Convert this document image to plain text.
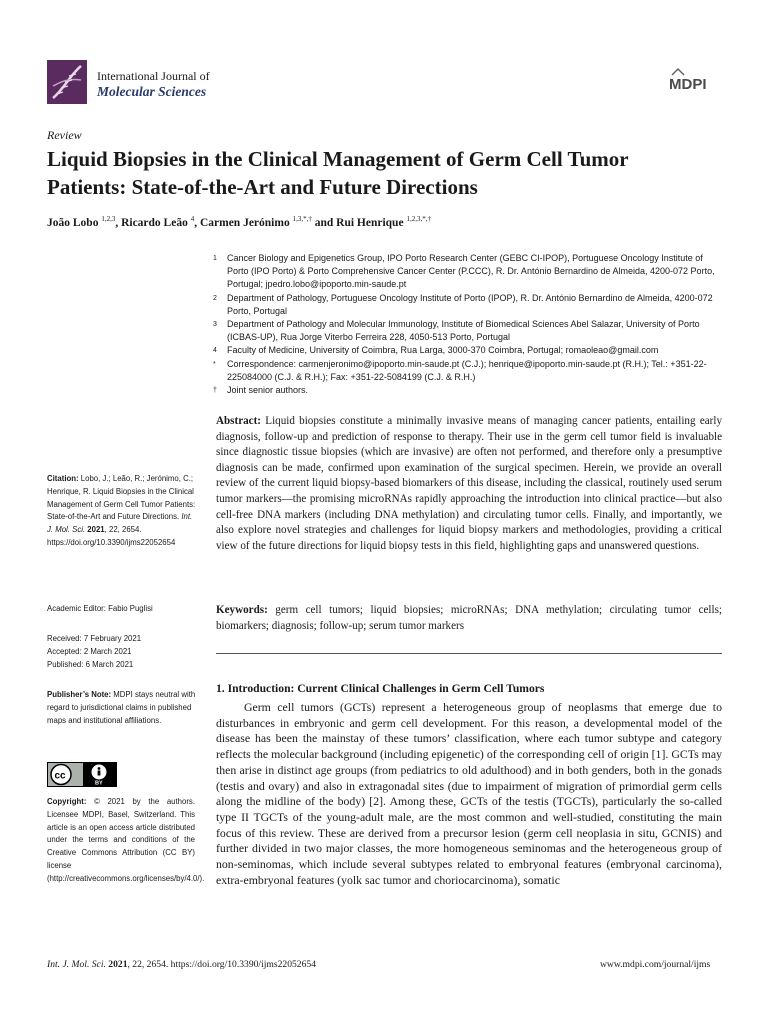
International Journal of
Molecular Sciences	MDPI
Review
Liquid Biopsies in the Clinical Management of Germ Cell Tumor Patients: State-of-the-Art and Future Directions
João Lobo $^{1,2,3}$, Ricardo Leão $^4$, Carmen Jerónimo $^{1,3,*,\dagger}$ and Rui Henrique $^{1,2,3,*,\dagger}$
1 Cancer Biology and Epigenetics Group, IPO Porto Research Center (GEBC CI-IPOP), Portuguese Oncology Institute of Porto (IPO Porto) & Porto Comprehensive Cancer Center (P.CCC), R. Dr. António Bernardino de Almeida, 4200-072 Porto, Portugal; jpedro.lobo@ipoporto.min-saude.pt
2 Department of Pathology, Portuguese Oncology Institute of Porto (IPOP), R. Dr. António Bernardino de Almeida, 4200-072 Porto, Portugal
3 Department of Pathology and Molecular Immunology, Institute of Biomedical Sciences Abel Salazar, University of Porto (ICBAS-UP), Rua Jorge Viterbo Ferreira 228, 4050-513 Porto, Portugal
4 Faculty of Medicine, University of Coimbra, Rua Larga, 3000-370 Coimbra, Portugal; romaoleao@gmail.com
* Correspondence: carmenjeronimo@ipoporto.min-saude.pt (C.J.); henrique@ipoporto.min-saude.pt (R.H.); Tel.: +351-22-225084000 (C.J. & R.H.); Fax: +351-22-5084199 (C.J. & R.H.)
† Joint senior authors.
Abstract: Liquid biopsies constitute a minimally invasive means of managing cancer patients, entailing early diagnosis, follow-up and prediction of response to therapy. Their use in the germ cell tumor field is invaluable since diagnostic tissue biopsies (which are invasive) are often not performed, and therefore only a presumptive diagnosis can be made, confirmed upon examination of the surgical specimen. Herein, we provide an overall review of the current liquid biopsy-based biomarkers of this disease, including the classical, routinely used serum tumor markers—the promising microRNAs rapidly approaching the introduction into clinical practice—but also cell-free DNA markers (including DNA methylation) and circulating tumor cells. Finally, and importantly, we also explore novel strategies and challenges for liquid biopsy markers and methodologies, providing a critical view of the future directions for liquid biopsy tests in this field, highlighting gaps and unanswered questions.
Keywords: germ cell tumors; liquid biopsies; microRNAs; DNA methylation; circulating tumor cells; biomarkers; diagnosis; follow-up; serum tumor markers
1. Introduction: Current Clinical Challenges in Germ Cell Tumors
Germ cell tumors (GCTs) represent a heterogeneous group of neoplasms that emerge due to disturbances in embryonic and germ cell development. For this reason, a developmental model of the disease has been the mainstay of these tumors’ classification, where each tumor subtype and category reflects the molecular background (including epigenetic) of the corresponding cell of origin [1]. GCTs may then arise in distinct age groups (from pediatrics to old adulthood) and in both genders, both in the gonads (testis and ovary) and also in extragonadal sites (due to impairment of migration of primordial germ cells along the midline of the body) [2]. Among these, GCTs of the testis (TGCTs), particularly the so-called type II TGCTs of the young-adult male, are the most common and well-studied, constituting the main focus of this review. These are derived from a precursor lesion (germ cell neoplasia in situ, GCNIS) and further divided in two major classes, the more homogeneous seminomas and the heterogeneous group of non-seminomas, which include several subtypes related to embryonal features (embryonal carcinoma), extra-embryonal features (yolk sac tumor and choriocarcinoma), somatic
Citation: Lobo, J.; Leão, R.; Jerónimo, C.; Henrique, R. Liquid Biopsies in the Clinical Management of Germ Cell Tumor Patients: State-of-the-Art and Future Directions. Int. J. Mol. Sci. 2021, 22, 2654. https://doi.org/10.3390/ijms22052654
Academic Editor: Fabio Puglisi
Received: 7 February 2021
Accepted: 2 March 2021
Published: 6 March 2021
Publisher’s Note: MDPI stays neutral with regard to jurisdictional claims in published maps and institutional affiliations.
cc
BY
Copyright: © 2021 by the authors. Licensee MDPI, Basel, Switzerland. This article is an open access article distributed under the terms and conditions of the Creative Commons Attribution (CC BY) license (http://creativecommons.org/licenses/by/4.0/).
Int. J. Mol. Sci. 2021, 22, 2654. https://doi.org/10.3390/ijms22052654	www.mdpi.com/journal/ijms
